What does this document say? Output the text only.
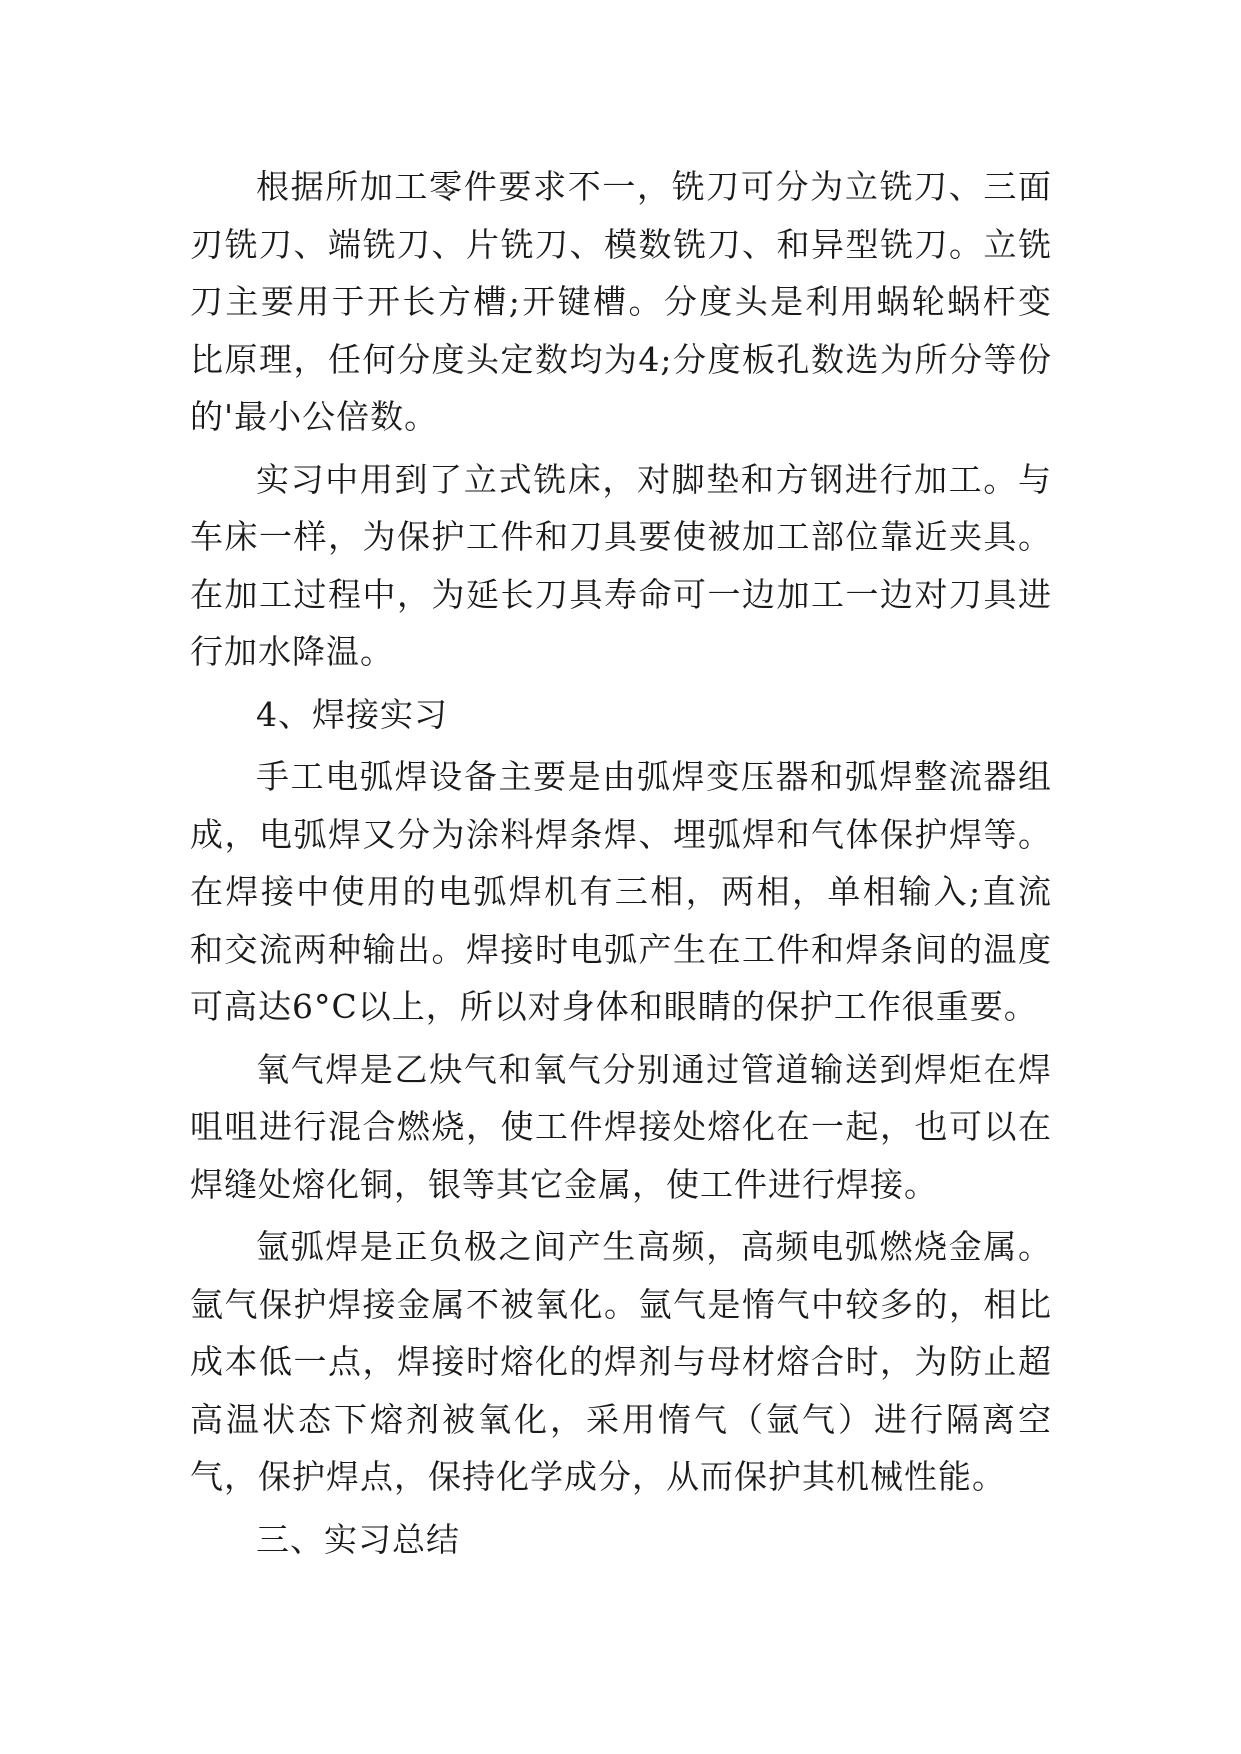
根据所加工零件要求不一，铣刀可分为立铣刀、三面刃铣刀、端铣刀、片铣刀、模数铣刀、和异型铣刀。立铣刀主要用于开长方槽;开键槽。分度头是利用蜗轮蜗杆变比原理，任何分度头定数均为4;分度板孔数选为所分等份的'最小公倍数。

实习中用到了立式铣床，对脚垫和方钢进行加工。与车床一样，为保护工件和刀具要使被加工部位靠近夹具。在加工过程中，为延长刀具寿命可一边加工一边对刀具进行加水降温。

4、焊接实习

手工电弧焊设备主要是由弧焊变压器和弧焊整流器组成，电弧焊又分为涂料焊条焊、埋弧焊和气体保护焊等。在焊接中使用的电弧焊机有三相，两相，单相输入;直流和交流两种输出。焊接时电弧产生在工件和焊条间的温度可高达6°C以上，所以对身体和眼睛的保护工作很重要。

氧气焊是乙炔气和氧气分别通过管道输送到焊炬在焊咀咀进行混合燃烧，使工件焊接处熔化在一起，也可以在焊缝处熔化铜，银等其它金属，使工件进行焊接。

氩弧焊是正负极之间产生高频，高频电弧燃烧金属。氩气保护焊接金属不被氧化。氩气是惰气中较多的，相比成本低一点，焊接时熔化的焊剂与母材熔合时，为防止超高温状态下熔剂被氧化，采用惰气（氩气）进行隔离空气，保护焊点，保持化学成分，从而保护其机械性能。

三、实习总结
